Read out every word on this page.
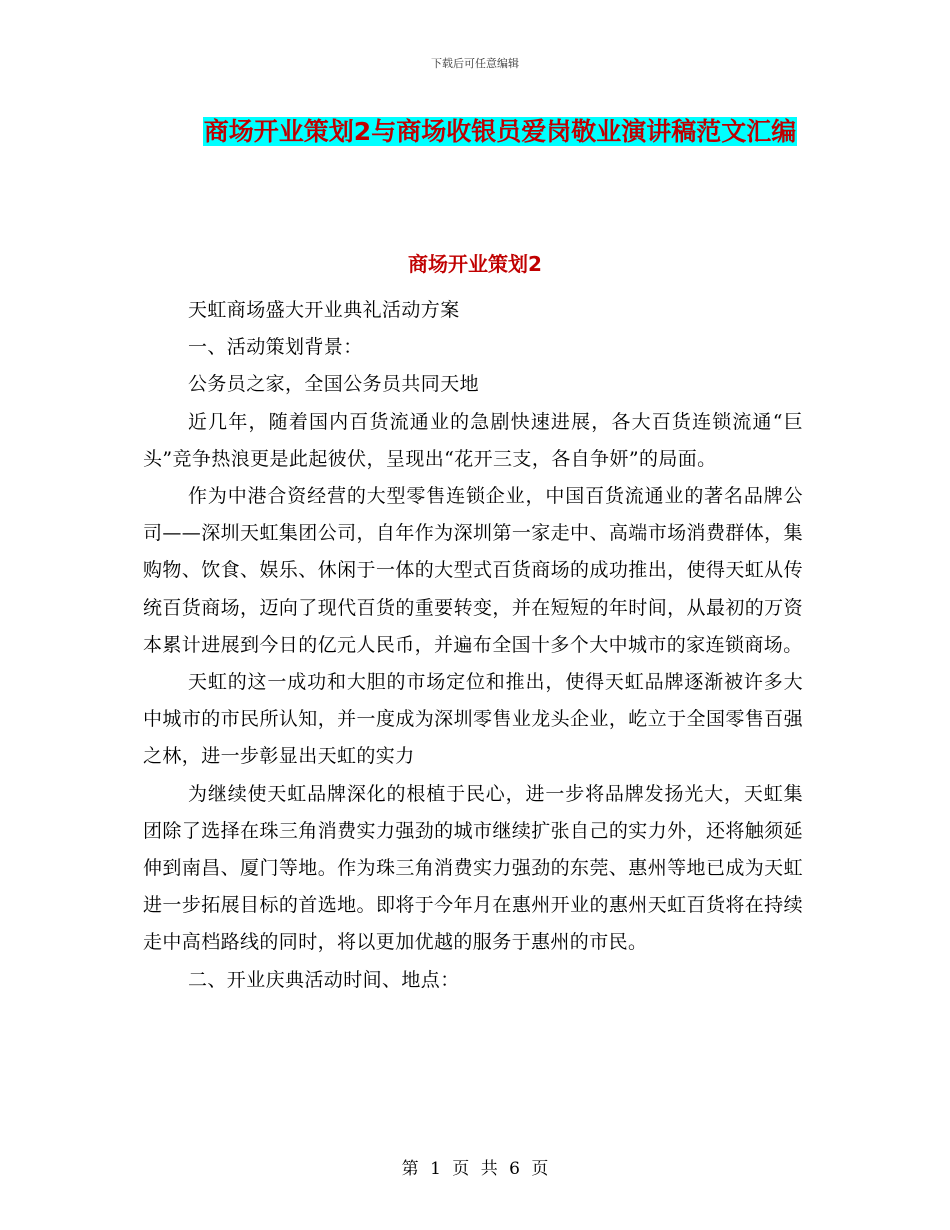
下载后可任意编辑
商场开业策划2与商场收银员爱岗敬业演讲稿范文汇编
商场开业策划2

天虹商场盛大开业典礼活动方案

一、活动策划背景：

公务员之家，全国公务员共同天地

近几年，随着国内百货流通业的急剧快速进展，各大百货连锁流通“巨头”竞争热浪更是此起彼伏，呈现出“花开三支，各自争妍”的局面。

作为中港合资经营的大型零售连锁企业，中国百货流通业的著名品牌公司——深圳天虹集团公司，自年作为深圳第一家走中、高端市场消费群体，集购物、饮食、娱乐、休闲于一体的大型式百货商场的成功推出，使得天虹从传统百货商场，迈向了现代百货的重要转变，并在短短的年时间，从最初的万资本累计进展到今日的亿元人民币，并遍布全国十多个大中城市的家连锁商场。

天虹的这一成功和大胆的市场定位和推出，使得天虹品牌逐渐被许多大中城市的市民所认知，并一度成为深圳零售业龙头企业，屹立于全国零售百强之林，进一步彰显出天虹的实力

为继续使天虹品牌深化的根植于民心，进一步将品牌发扬光大，天虹集团除了选择在珠三角消费实力强劲的城市继续扩张自己的实力外，还将触须延伸到南昌、厦门等地。作为珠三角消费实力强劲的东莞、惠州等地已成为天虹进一步拓展目标的首选地。即将于今年月在惠州开业的惠州天虹百货将在持续走中高档路线的同时，将以更加优越的服务于惠州的市民。

二、开业庆典活动时间、地点：

第 1 页 共 6 页
